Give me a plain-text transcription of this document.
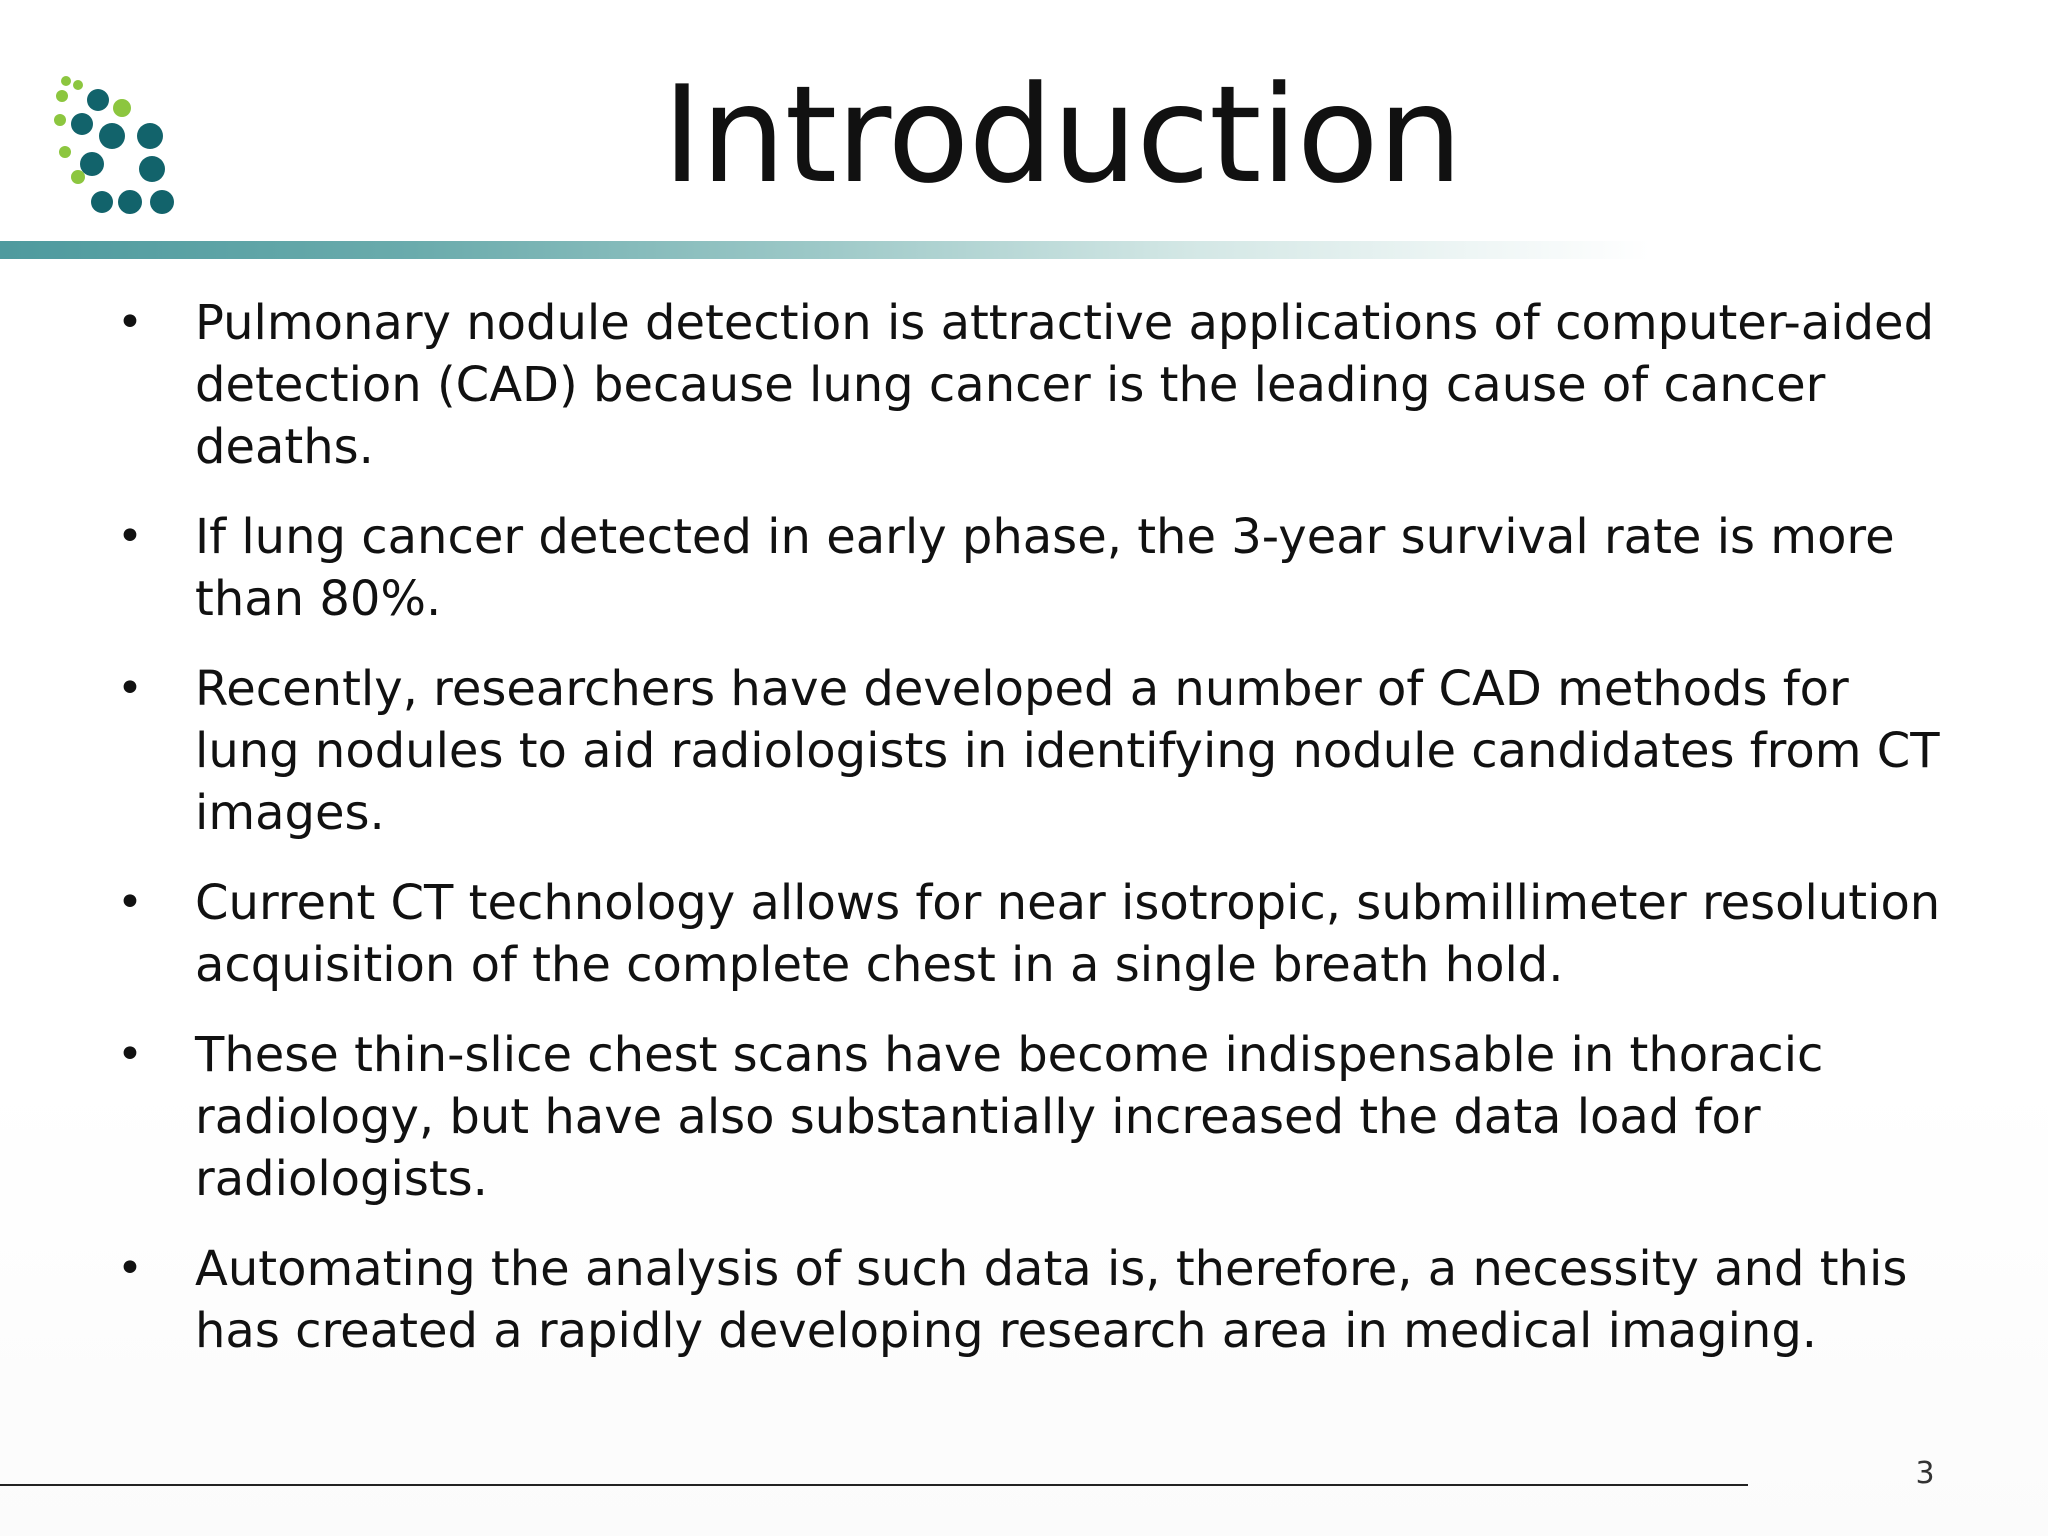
Introduction
• Pulmonary nodule detection is attractive applications of computer-aided detection (CAD) because lung cancer is the leading cause of cancer deaths.
• If lung cancer detected in early phase, the 3-year survival rate is more than 80%.
• Recently, researchers have developed a number of CAD methods for lung nodules to aid radiologists in identifying nodule candidates from CT images.
• Current CT technology allows for near isotropic, submillimeter resolution acquisition of the complete chest in a single breath hold.
• These thin-slice chest scans have become indispensable in thoracic radiology, but have also substantially increased the data load for radiologists.
• Automating the analysis of such data is, therefore, a necessity and this has created a rapidly developing research area in medical imaging.
3
